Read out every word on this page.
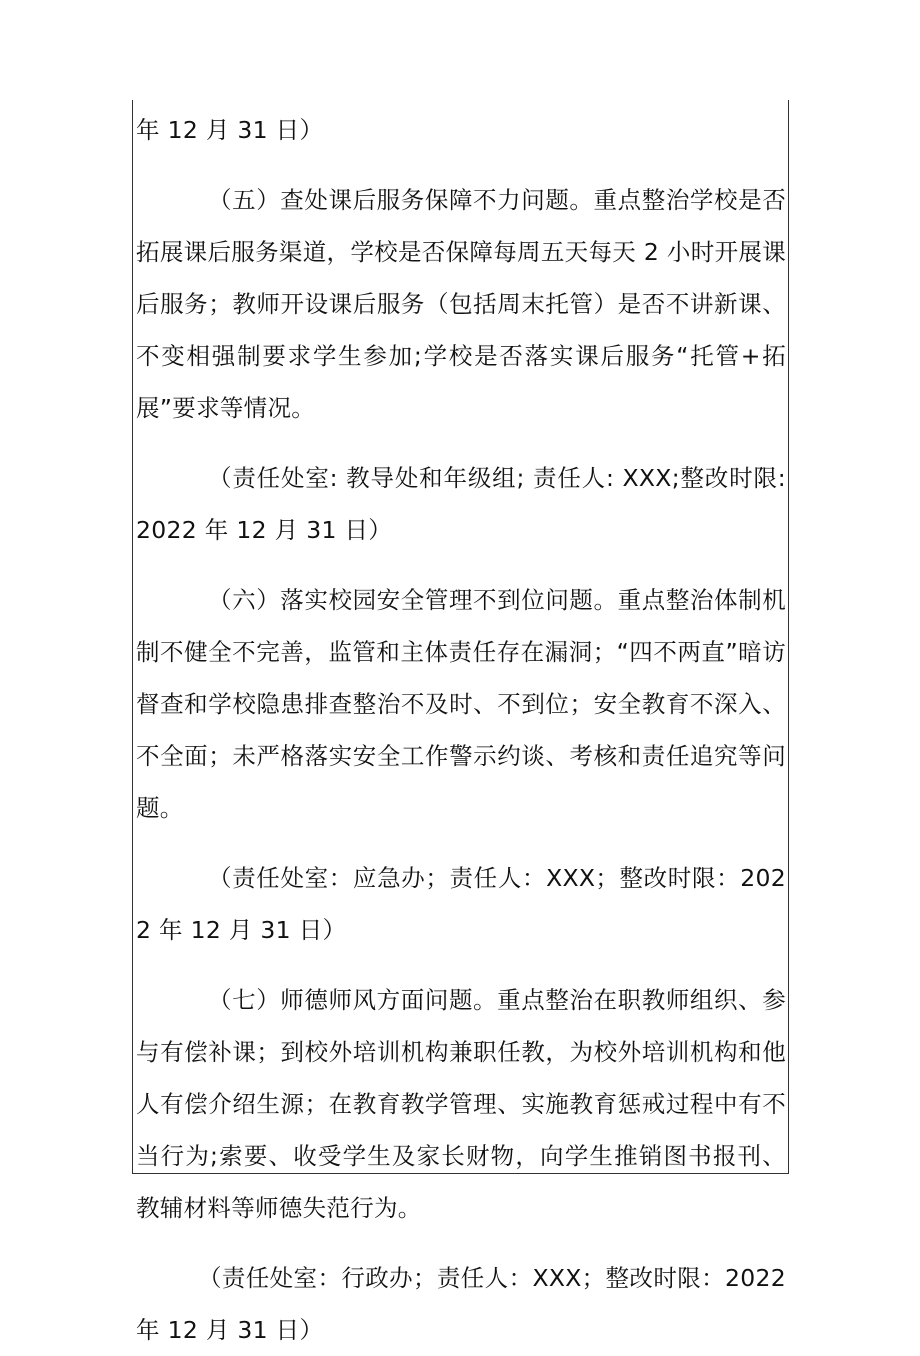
年 12 月 31 日）

（五）查处课后服务保障不力问题。重点整治学校是否拓展课后服务渠道，学校是否保障每周五天每天 2 小时开展课后服务；教师开设课后服务（包括周末托管）是否不讲新课、不变相强制要求学生参加;学校是否落实课后服务“托管+拓展”要求等情况。

（责任处室: 教导处和年级组; 责任人: XXX;整改时限: 2022 年 12 月 31 日）

（六）落实校园安全管理不到位问题。重点整治体制机制不健全不完善，监管和主体责任存在漏洞；“四不两直”暗访督查和学校隐患排查整治不及时、不到位；安全教育不深入、不全面；未严格落实安全工作警示约谈、考核和责任追究等问题。

（责任处室：应急办；责任人：XXX；整改时限：2022 年 12 月 31 日）

（七）师德师风方面问题。重点整治在职教师组织、参与有偿补课；到校外培训机构兼职任教，为校外培训机构和他人有偿介绍生源；在教育教学管理、实施教育惩戒过程中有不当行为;索要、收受学生及家长财物，向学生推销图书报刊、教辅材料等师德失范行为。

（责任处室：行政办；责任人：XXX；整改时限：2022 年 12 月 31 日）
